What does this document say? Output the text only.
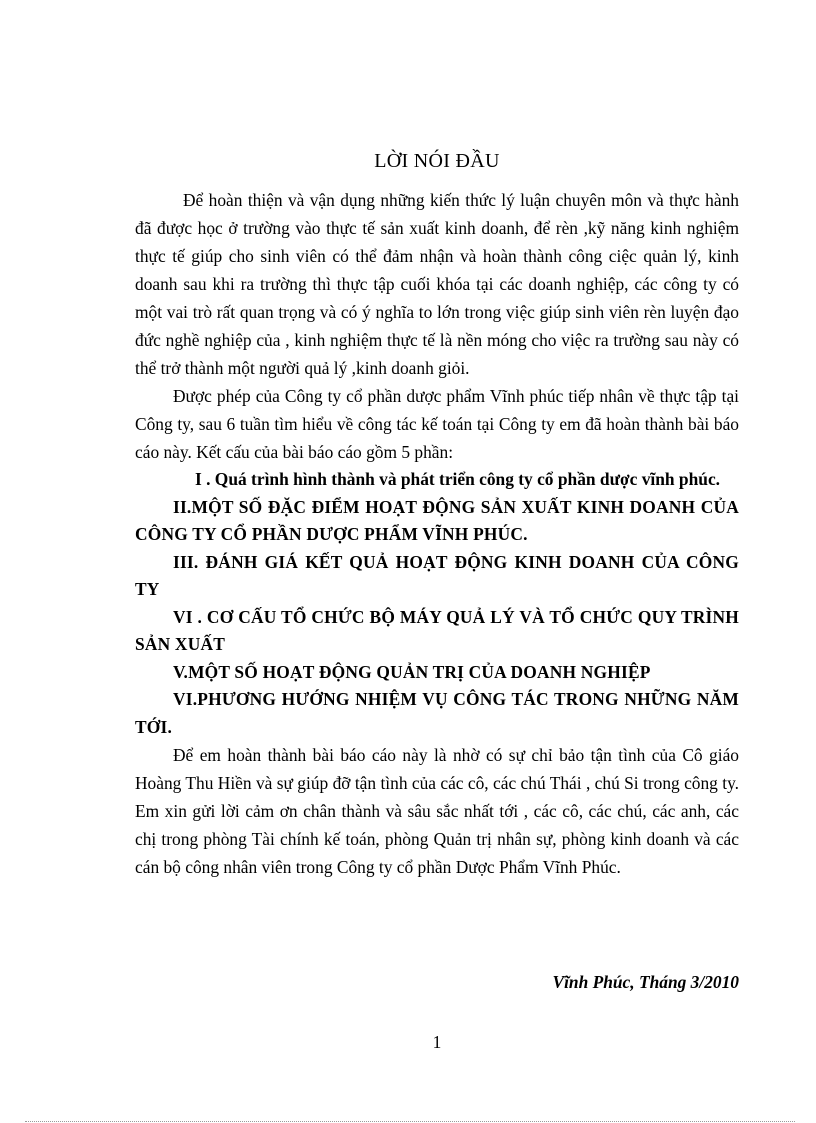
LỜI NÓI ĐẦU

Để hoàn thiện và vận dụng những kiến thức lý luận chuyên môn và thực hành đã được học ở trường vào thực tế sản xuất kinh doanh, để rèn ,kỹ năng kinh nghiệm thực tế giúp cho sinh viên có thể đảm nhận và hoàn thành công ciệc quản lý, kinh doanh sau khi ra trường thì thực tập cuối khóa tại các doanh nghiệp, các công ty có một vai trò rất quan trọng và có ý nghĩa to lớn trong việc giúp sinh viên rèn luyện đạo đức nghề nghiệp của , kinh nghiệm thực tế là nền móng cho việc ra trường sau này có thể trở thành một người quả lý ,kinh doanh giỏi.

Được phép của Công ty cổ phần dược phẩm Vĩnh phúc tiếp nhân về thực tập tại Công ty, sau 6 tuần tìm hiểu về công tác kế toán tại Công ty em đã hoàn thành bài báo cáo này. Kết cấu của bài báo cáo gồm 5 phần:

I . Quá trình hình thành và phát triển công ty cổ phần dược vĩnh phúc.
II.MỘT SỐ ĐẶC ĐIỂM HOẠT ĐỘNG SẢN XUẤT KINH DOANH CỦA CÔNG TY CỔ PHẦN DƯỢC PHẨM VĨNH PHÚC.
III. ĐÁNH GIÁ KẾT QUẢ HOẠT ĐỘNG KINH DOANH CỦA CÔNG TY
VI . CƠ CẤU TỔ CHỨC BỘ MÁY QUẢ LÝ VÀ TỔ CHỨC QUY TRÌNH SẢN XUẤT
V.MỘT SỐ HOẠT ĐỘNG QUẢN TRỊ CỦA DOANH NGHIỆP
VI.PHƯƠNG HƯỚNG NHIỆM VỤ CÔNG TÁC TRONG NHỮNG NĂM TỚI.

Để em hoàn thành bài báo cáo này là nhờ có sự chỉ bảo tận tình của Cô giáo Hoàng Thu Hiền và sự giúp đỡ tận tình của các cô, các chú Thái , chú Si trong công ty. Em xin gửi lời cảm ơn chân thành và sâu sắc nhất tới , các cô, các chú, các anh, các chị trong phòng Tài chính kế toán, phòng Quản trị nhân sự, phòng kinh doanh và các cán bộ công nhân viên trong Công ty cổ phần Dược Phẩm Vĩnh Phúc.

Vĩnh Phúc, Tháng 3/2010
1
